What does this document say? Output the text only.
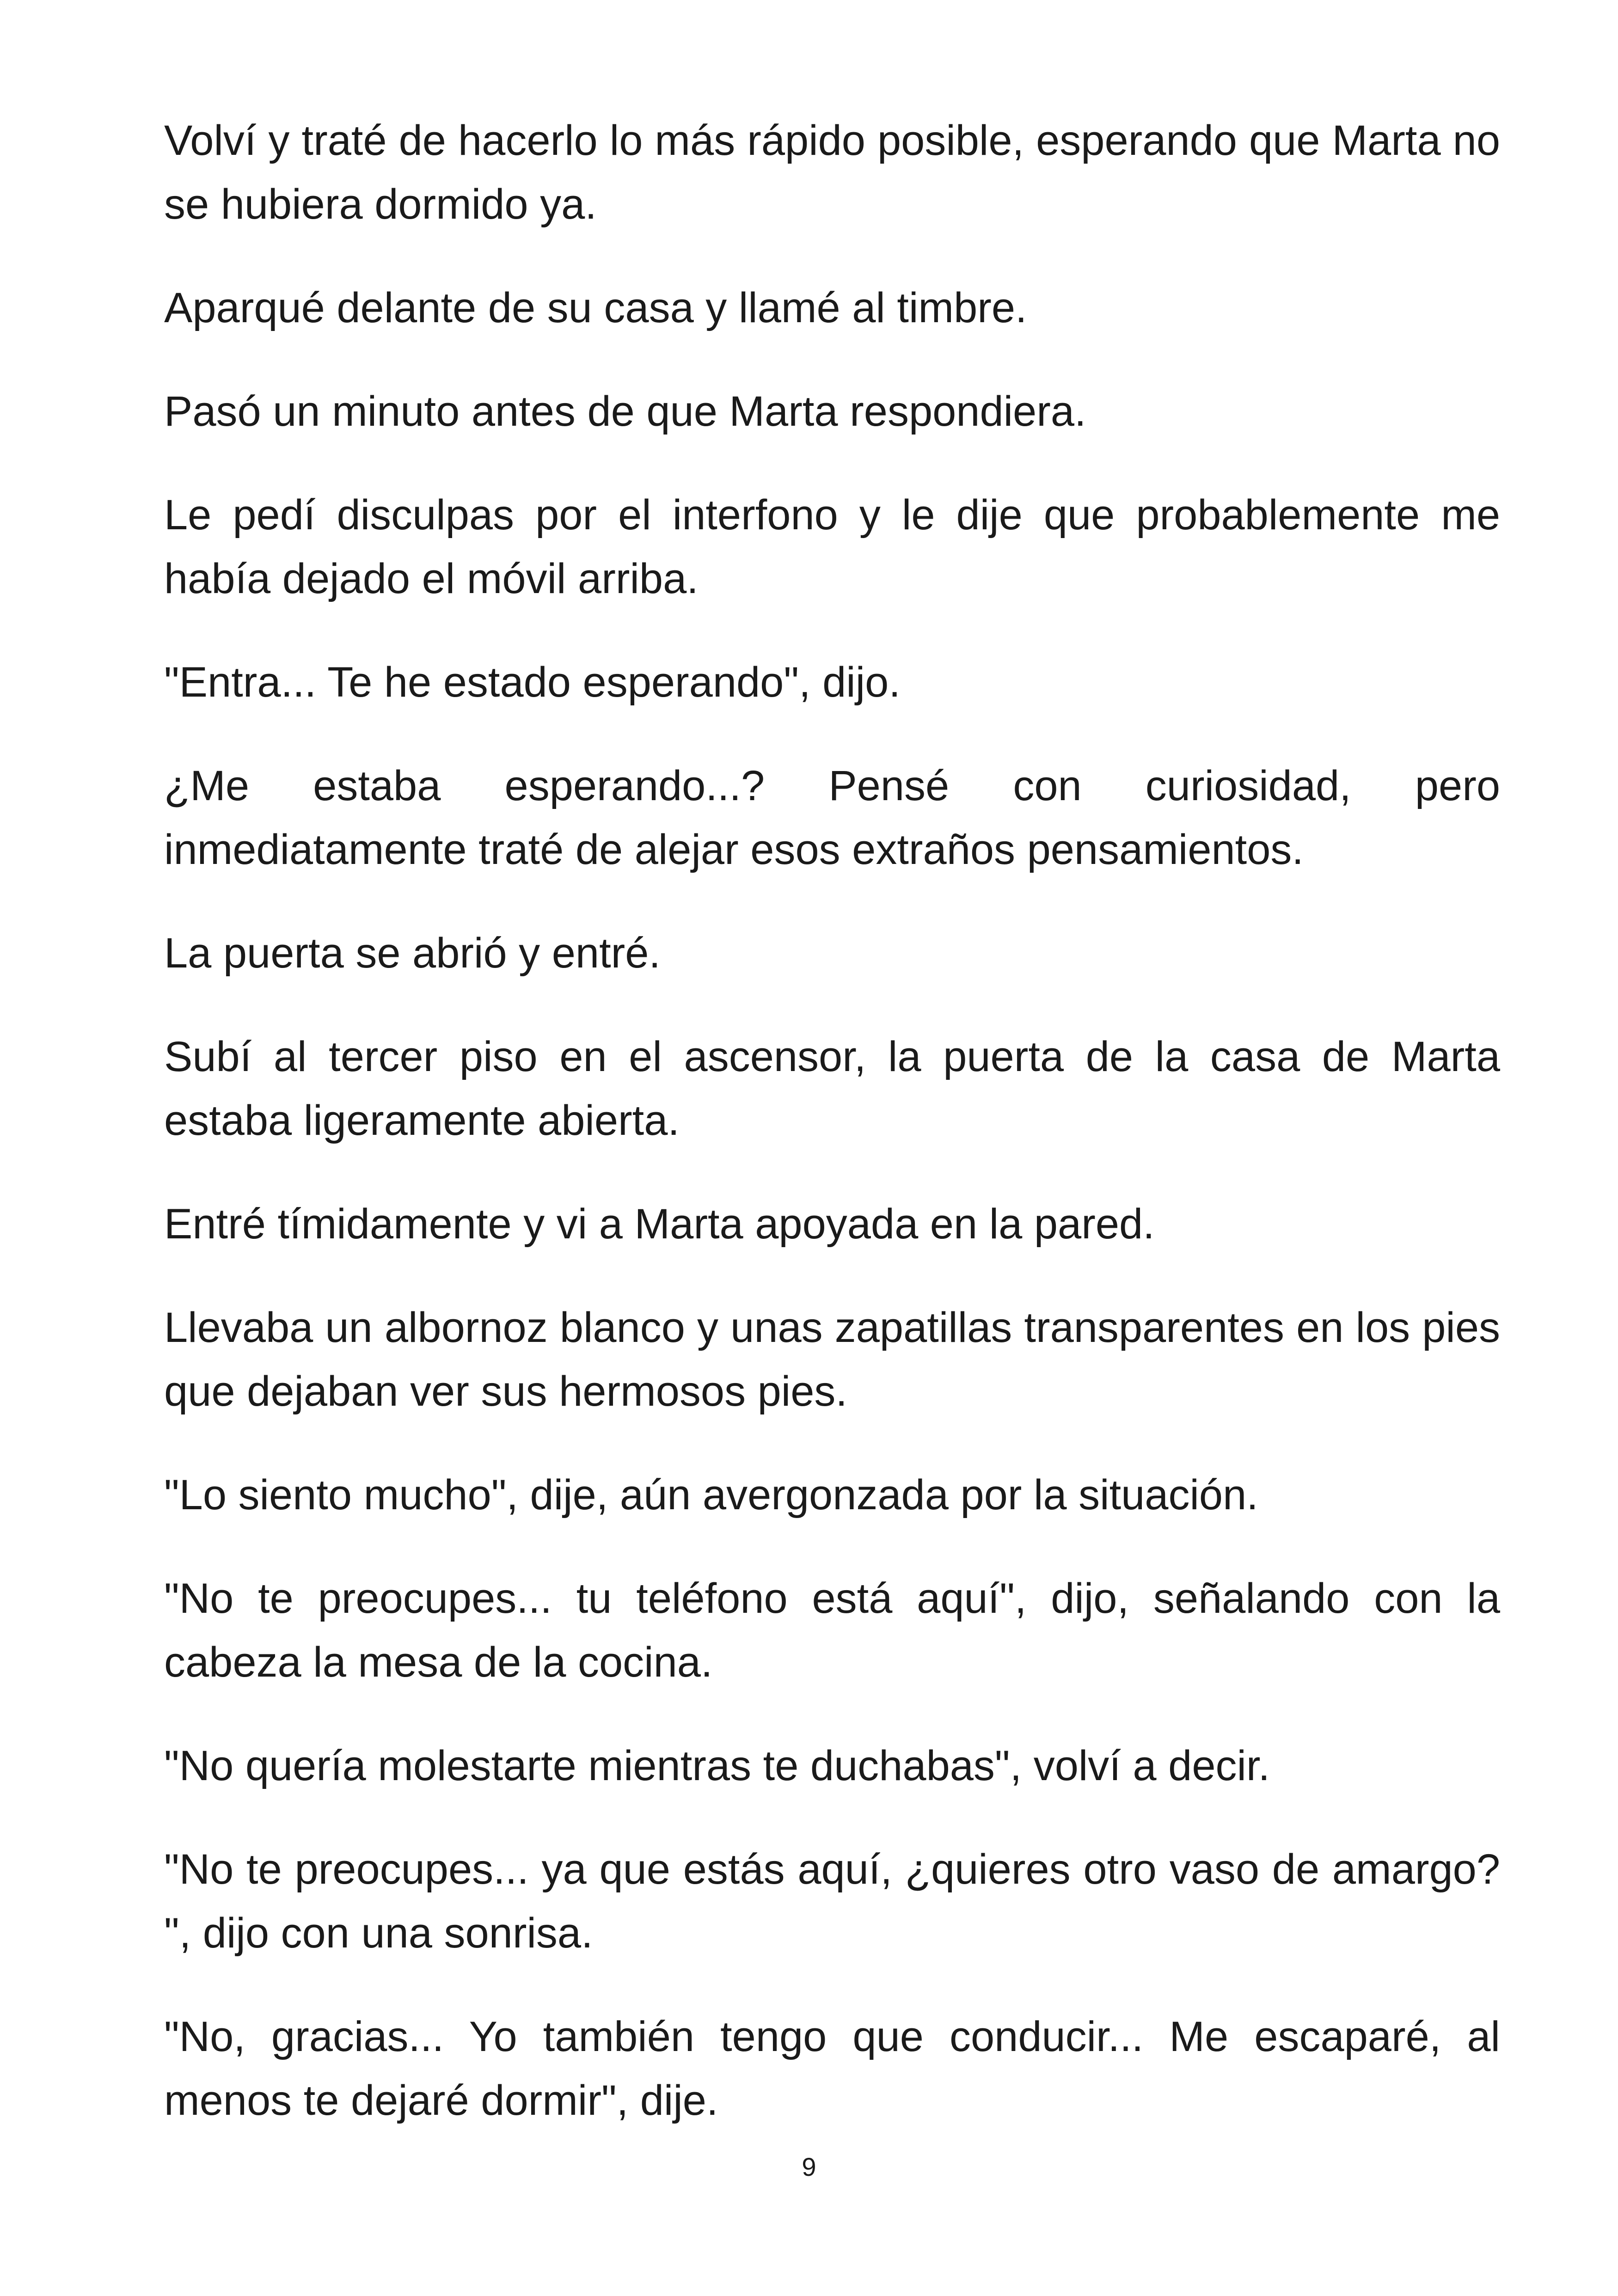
Volví y traté de hacerlo lo más rápido posible, esperando que Marta no se hubiera dormido ya.

Aparqué delante de su casa y llamé al timbre.

Pasó un minuto antes de que Marta respondiera.

Le pedí disculpas por el interfono y le dije que probablemente me había dejado el móvil arriba.

"Entra... Te he estado esperando", dijo.

¿Me estaba esperando...? Pensé con curiosidad, pero inmediatamente traté de alejar esos extraños pensamientos.

La puerta se abrió y entré.

Subí al tercer piso en el ascensor, la puerta de la casa de Marta estaba ligeramente abierta.

Entré tímidamente y vi a Marta apoyada en la pared.

Llevaba un albornoz blanco y unas zapatillas transparentes en los pies que dejaban ver sus hermosos pies.

"Lo siento mucho", dije, aún avergonzada por la situación.

"No te preocupes... tu teléfono está aquí", dijo, señalando con la cabeza la mesa de la cocina.

"No quería molestarte mientras te duchabas", volví a decir.

"No te preocupes... ya que estás aquí, ¿quieres otro vaso de amargo? ", dijo con una sonrisa.

"No, gracias... Yo también tengo que conducir... Me escaparé, al menos te dejaré dormir", dije.

9
